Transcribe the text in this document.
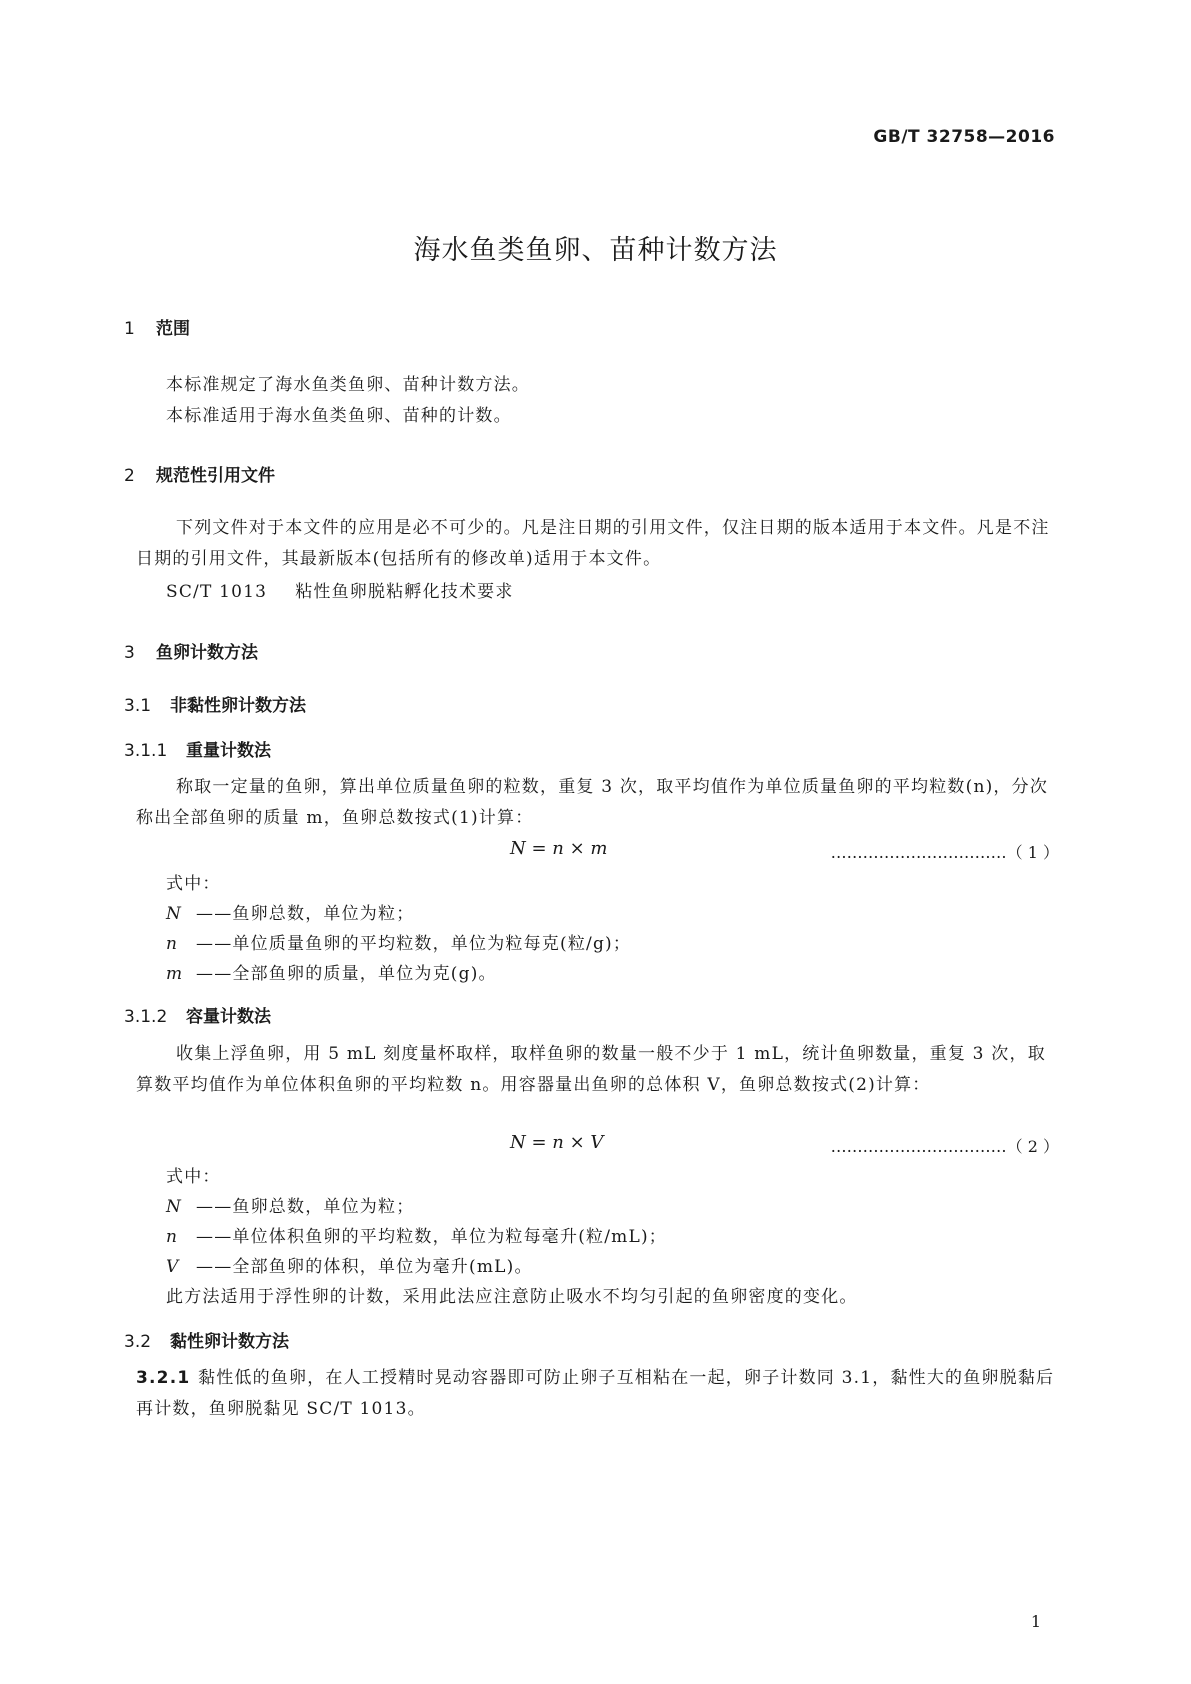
GB/T 32758—2016
海水鱼类鱼卵、苗种计数方法
1 范围
本标准规定了海水鱼类鱼卵、苗种计数方法。
本标准适用于海水鱼类鱼卵、苗种的计数。
2 规范性引用文件
下列文件对于本文件的应用是必不可少的。凡是注日期的引用文件，仅注日期的版本适用于本文件。凡是不注日期的引用文件，其最新版本(包括所有的修改单)适用于本文件。
SC/T 1013 粘性鱼卵脱粘孵化技术要求
3 鱼卵计数方法
3.1 非黏性卵计数方法
3.1.1 重量计数法
称取一定量的鱼卵，算出单位质量鱼卵的粒数，重复 3 次，取平均值作为单位质量鱼卵的平均粒数(n)，分次称出全部鱼卵的质量 m，鱼卵总数按式(1)计算：
N = n × m	……………………………（ 1 ）
式中：
N ——鱼卵总数，单位为粒；
n ——单位质量鱼卵的平均粒数，单位为粒每克(粒/g)；
m ——全部鱼卵的质量，单位为克(g)。
3.1.2 容量计数法
收集上浮鱼卵，用 5 mL 刻度量杯取样，取样鱼卵的数量一般不少于 1 mL，统计鱼卵数量，重复 3 次，取算数平均值作为单位体积鱼卵的平均粒数 n。用容器量出鱼卵的总体积 V，鱼卵总数按式(2)计算：
N = n × V	……………………………（ 2 ）
式中：
N ——鱼卵总数，单位为粒；
n ——单位体积鱼卵的平均粒数，单位为粒每毫升(粒/mL)；
V ——全部鱼卵的体积，单位为毫升(mL)。
此方法适用于浮性卵的计数，采用此法应注意防止吸水不均匀引起的鱼卵密度的变化。
3.2 黏性卵计数方法
3.2.1 黏性低的鱼卵，在人工授精时晃动容器即可防止卵子互相粘在一起，卵子计数同 3.1，黏性大的鱼卵脱黏后再计数，鱼卵脱黏见 SC/T 1013。
1
